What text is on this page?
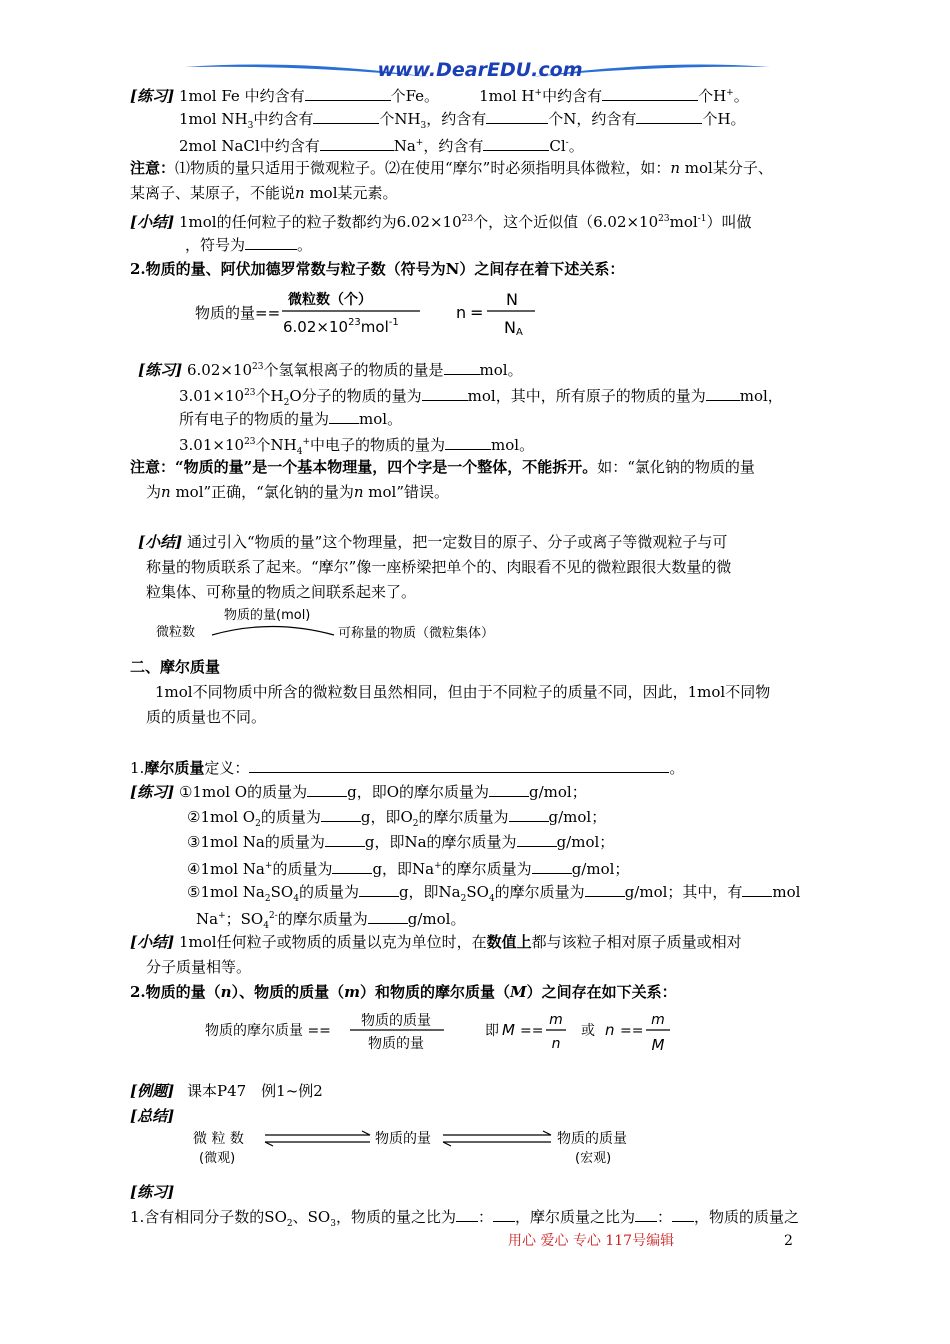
www.DearEDU.com
[练习] 1mol Fe 中约含有	个Fe。	1mol H+中约含有	个H+。
1mol $NH_3$中约含有	个$NH_3$，约含有	个N，约含有	个H。
2mol NaCl中约含有	Na+，约含有	Cl-。
注意：⑴物质的量只适用于微观粒子。⑵在使用“摩尔”时必须指明具体微粒，如：n mol某分子、
某离子、某原子，不能说n mol某元素。
[小结] 1mol的任何粒子的粒子数都约为$6.02\times 10^{23}$个，这个近似值$(6.02\times 10^{23}mol^{-1})$叫做
，符号为	。
2.物质的量、阿伏加德罗常数与粒子数（符号为N）之间存在着下述关系：
物质的量==
微粒数（个）
$6.02\times 10^{23}mol^{-1}$
n =
N
NA
[练习] $6.02\times 10^{23}$个氢氧根离子的物质的量是 mol。
$3.01\times 10^{23}$个$H_2O$分子的物质的量为	mol，其中，所有原子的物质的量为 mol，
所有电子的物质的量为 mol。
$3.01\times 10^{23}$个$NH_4^+$中电子的物质的量为	mol。
注意：“物质的量”是一个基本物理量，四个字是一个整体，不能拆开。如：“氯化钠的物质的量
为n mol”正确，“氯化钠的量为n mol”错误。
[小结] 通过引入“物质的量”这个物理量，把一定数目的原子、分子或离子等微观粒子与可
称量的物质联系了起来。“摩尔”像一座桥梁把单个的、肉眼看不见的微粒跟很大数量的微
粒集体、可称量的物质之间联系起来了。
物质的量(mol)
微粒数	可称量的物质（微粒集体）
二、摩尔质量
1mol不同物质中所含的微粒数目虽然相同，但由于不同粒子的质量不同，因此，1mol不同物
质的质量也不同。
1.摩尔质量定义：	。
[练习] ①1mol O的质量为	g，即O的摩尔质量为	g/mol；
②1mol $O_2$的质量为	g，即$O_2$的摩尔质量为	g/mol；
③1mol Na的质量为	g，即Na的摩尔质量为	g/mol；
④1mol Na+的质量为	g，即Na+的摩尔质量为	g/mol；
⑤1mol $Na_2SO_4$的质量为	g，即$Na_2SO_4$的摩尔质量为	g/mol；其中，有 mol
Na+；$SO_4^{2-}$的摩尔质量为	g/mol。
[小结] 1mol任何粒子或物质的质量以克为单位时，在数值上都与该粒子相对原子质量或相对
分子质量相等。
2.物质的量（n）、物质的质量（m）和物质的摩尔质量（M）之间存在如下关系：
物质的摩尔质量 ==
物质的质量
物质的量
即 M ==
m
n
或 n ==
m
M
[例题] 课本P47　例1~例2
[总结]
微 粒 数
(微观)
物质的量	物质的质量
(宏观)
[练习]
1.含有相同分子数的$SO_2$、$SO_3$，物质的量之比为 ： ，摩尔质量之比为 ： ，物质的质量之
用心 爱心 专心 117号编辑	2
